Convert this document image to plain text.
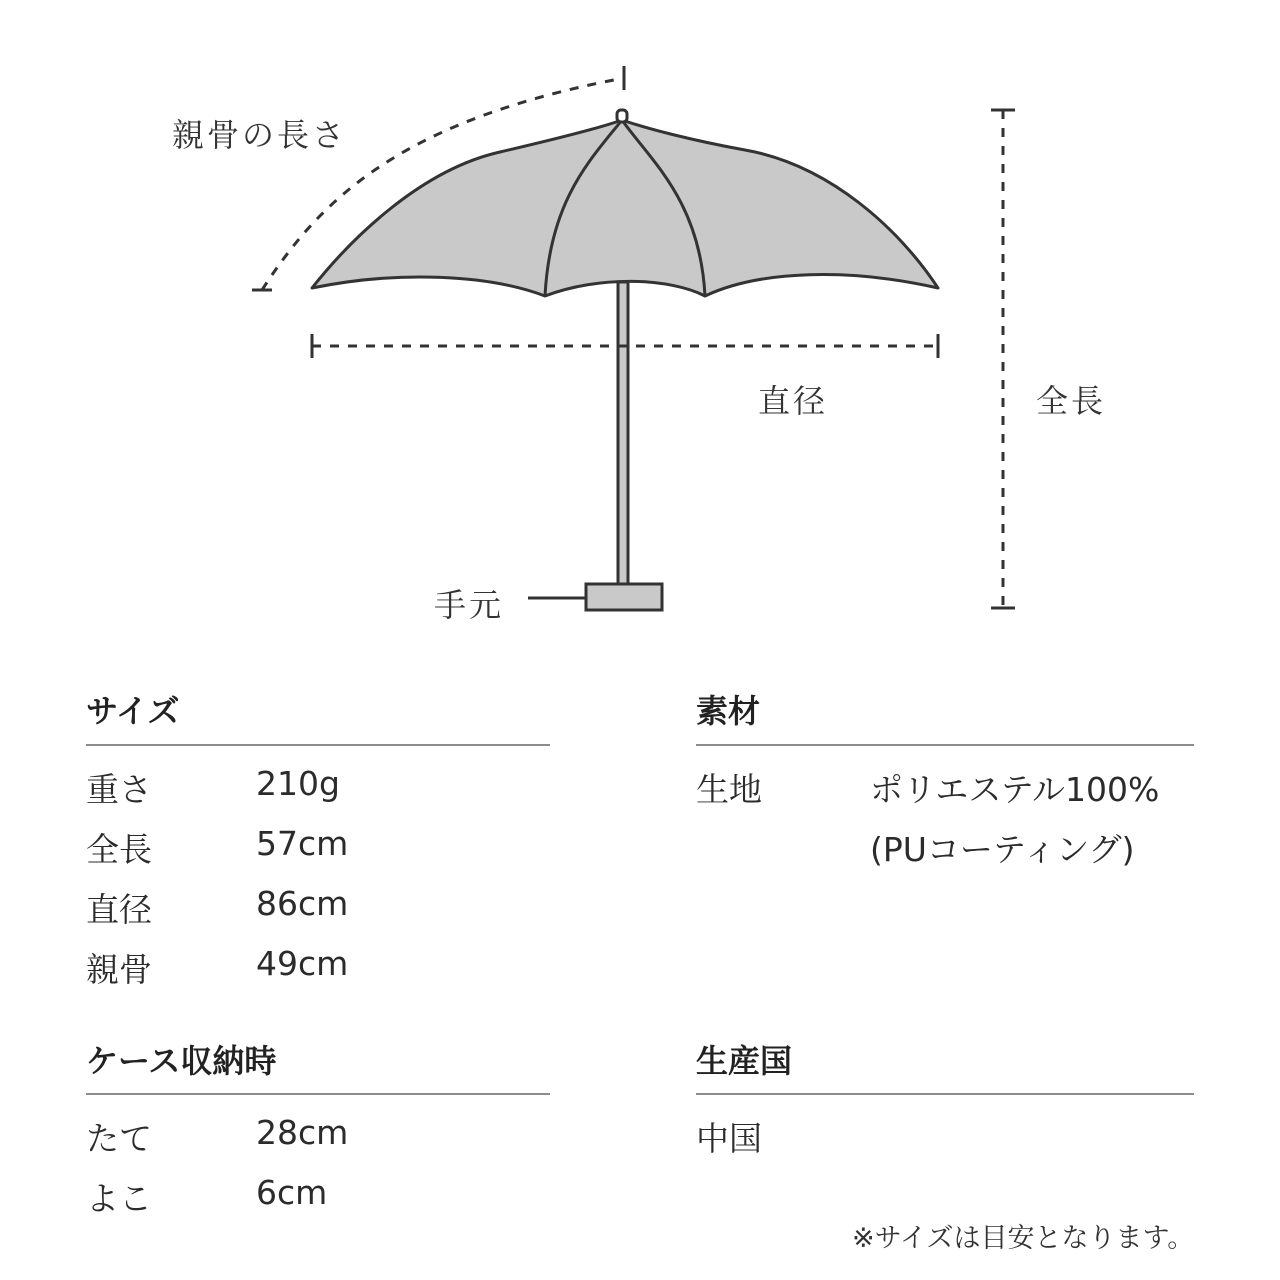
親骨の長さ
直径	全長
手元
サイズ
重さ	210g
全長	57cm
直径	86cm
親骨	49cm
ケース収納時
たて	28cm
よこ	6cm
素材
生地	ポリエステル100%
(PUコーティング)
生産国
中国
※サイズは目安となります。
